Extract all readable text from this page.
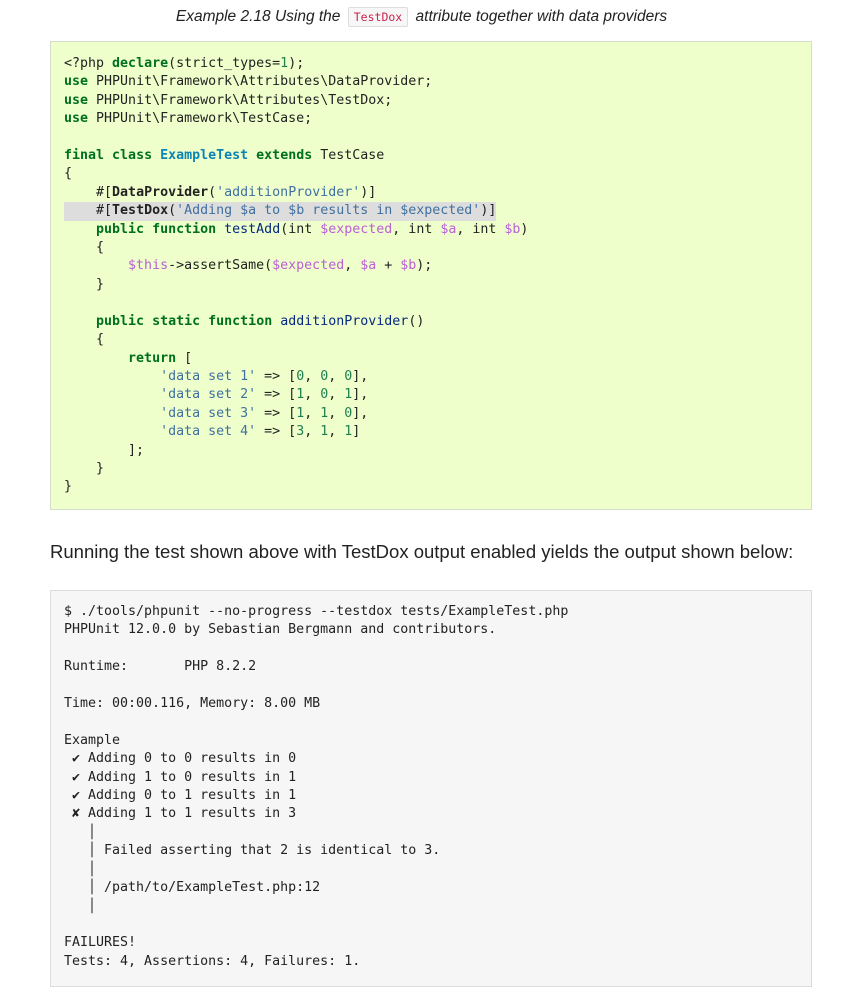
Example 2.18 Using the TestDox attribute together with data providers
<?php declare(strict_types=1);
use PHPUnit\Framework\Attributes\DataProvider;
use PHPUnit\Framework\Attributes\TestDox;
use PHPUnit\Framework\TestCase;

final class ExampleTest extends TestCase
{
#[DataProvider('additionProvider')]
#[TestDox('Adding $a to $b results in $expected')]
public function testAdd(int $expected, int $a, int $b)
{
$this->assertSame($expected, $a + $b);
}

public static function additionProvider()
{
return [
'data set 1' => [0, 0, 0],
'data set 2' => [1, 0, 1],
'data set 3' => [1, 1, 0],
'data set 4' => [3, 1, 1]
];
}
}
Running the test shown above with TestDox output enabled yields the output shown below:
$ ./tools/phpunit --no-progress --testdox tests/ExampleTest.php
PHPUnit 12.0.0 by Sebastian Bergmann and contributors.

Runtime:       PHP 8.2.2

Time: 00:00.116, Memory: 8.00 MB

Example
✔ Adding 0 to 0 results in 0
✔ Adding 1 to 0 results in 1
✔ Adding 0 to 1 results in 1
✘ Adding 1 to 1 results in 3
│
│ Failed asserting that 2 is identical to 3.
│
│ /path/to/ExampleTest.php:12
│

FAILURES!
Tests: 4, Assertions: 4, Failures: 1.
